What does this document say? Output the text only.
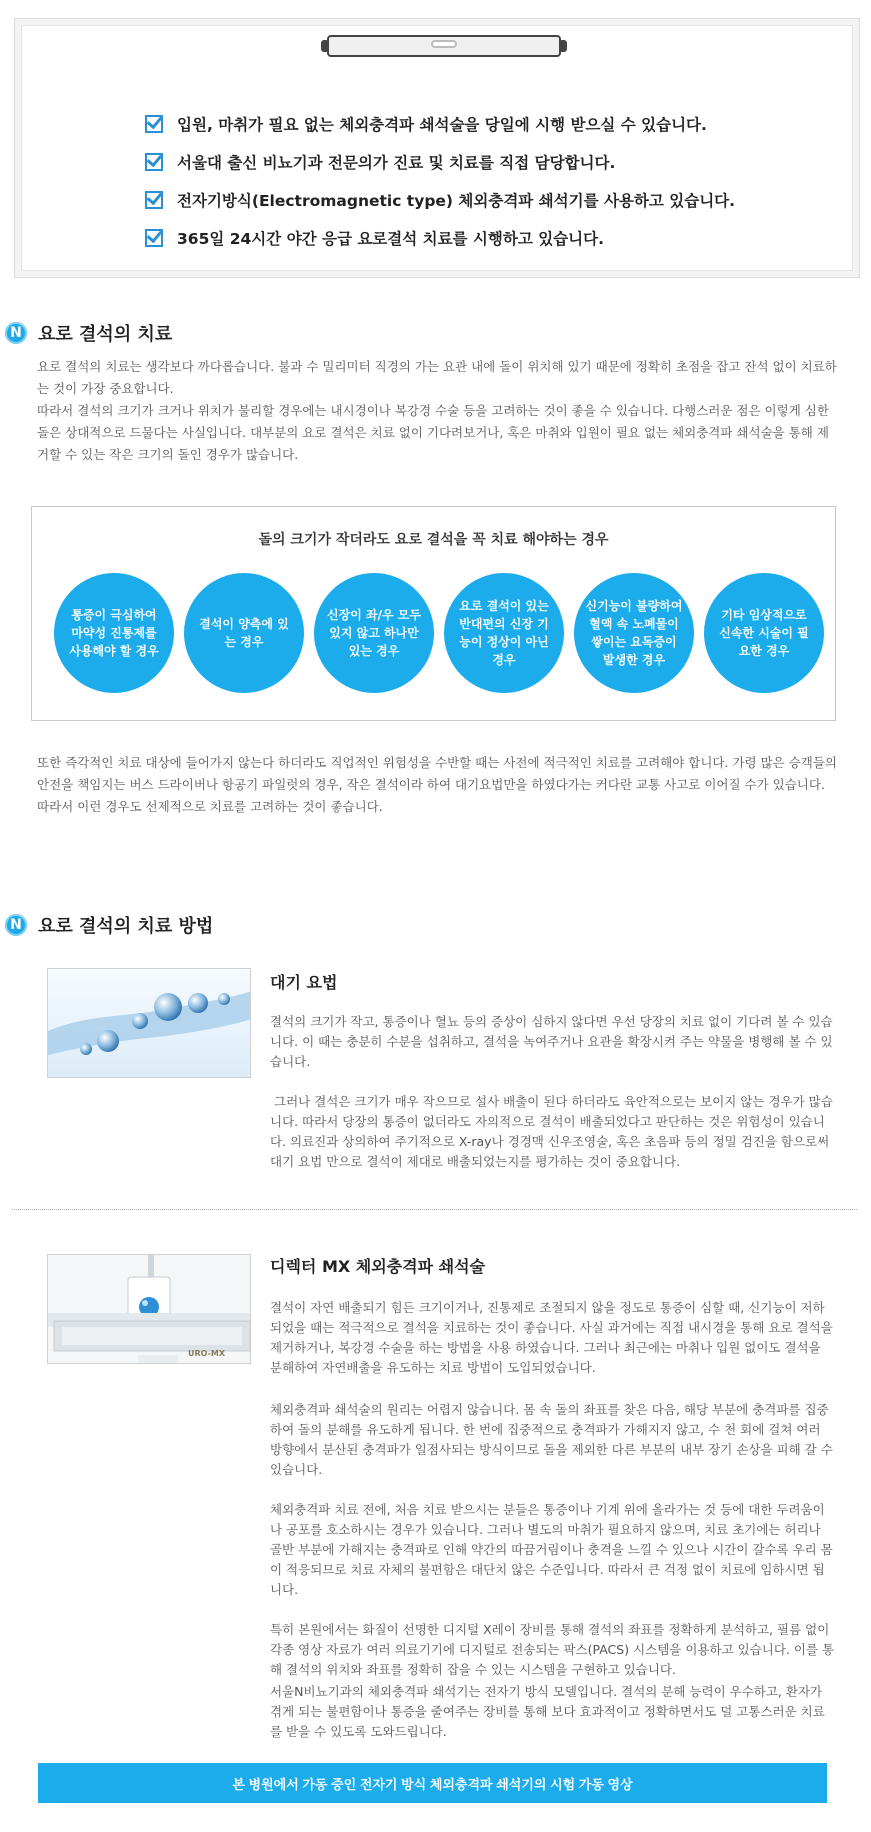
입원, 마취가 필요 없는 체외충격파 쇄석술을 당일에 시행 받으실 수 있습니다.
서울대 출신 비뇨기과 전문의가 진료 및 치료를 직접 담당합니다.
전자기방식(Electromagnetic type) 체외충격파 쇄석기를 사용하고 있습니다.
365일 24시간 야간 응급 요로결석 치료를 시행하고 있습니다.
N 요로 결석의 치료

요로 결석의 치료는 생각보다 까다롭습니다. 불과 수 밀리미터 직경의 가는 요관 내에 돌이 위치해 있기 때문에 정확히 초점을 잡고 잔석 없이 치료하는 것이 가장 중요합니다.

따라서 결석의 크기가 크거나 위치가 불리할 경우에는 내시경이나 복강경 수술 등을 고려하는 것이 좋을 수 있습니다. 다행스러운 점은 이렇게 심한 돌은 상대적으로 드물다는 사실입니다. 대부분의 요로 결석은 치료 없이 기다려보거나, 혹은 마취와 입원이 필요 없는 체외충격파 쇄석술을 통해 제거할 수 있는 작은 크기의 돌인 경우가 많습니다.

돌의 크기가 작더라도 요로 결석을 꼭 치료 해야하는 경우
통증이 극심하여 마약성 진통제를 사용해야 할 경우
결석이 양측에 있는 경우
신장이 좌/우 모두 있지 않고 하나만 있는 경우
요로 결석이 있는 반대편의 신장 기능이 정상이 아닌 경우
신기능이 불량하여 혈액 속 노폐물이 쌓이는 요독증이 발생한 경우
기타 임상적으로 신속한 시술이 필요한 경우

또한 즉각적인 치료 대상에 들어가지 않는다 하더라도 직업적인 위험성을 수반할 때는 사전에 적극적인 치료를 고려해야 합니다. 가령 많은 승객들의 안전을 책임지는 버스 드라이버나 항공기 파일럿의 경우, 작은 결석이라 하여 대기요법만을 하였다가는 커다란 교통 사고로 이어질 수가 있습니다. 따라서 이런 경우도 선제적으로 치료를 고려하는 것이 좋습니다.

N 요로 결석의 치료 방법
대기 요법

결석의 크기가 작고, 통증이나 혈뇨 등의 증상이 심하지 않다면 우선 당장의 치료 없이 기다려 볼 수 있습니다. 이 때는 충분히 수분을 섭취하고, 결석을 녹여주거나 요관을 확장시켜 주는 약물을 병행해 볼 수 있습니다.

그러나 결석은 크기가 매우 작으므로 설사 배출이 된다 하더라도 육안적으로는 보이지 않는 경우가 많습니다. 따라서 당장의 통증이 없더라도 자의적으로 결석이 배출되었다고 판단하는 것은 위험성이 있습니다. 의료진과 상의하여 주기적으로 X-ray나 경경맥 신우조영술, 혹은 초음파 등의 정밀 검진을 함으로써 대기 요법 만으로 결석이 제대로 배출되었는지를 평가하는 것이 중요합니다.

URO-MX
디렉터 MX 체외충격파 쇄석술

결석이 자연 배출되기 힘든 크기이거나, 진통제로 조절되지 않을 정도로 통증이 심할 때, 신기능이 저하되었을 때는 적극적으로 결석을 치료하는 것이 좋습니다. 사실 과거에는 직접 내시경을 통해 요로 결석을 제거하거나, 복강경 수술을 하는 방법을 사용 하였습니다. 그러나 최근에는 마취나 입원 없이도 결석을 분해하여 자연배출을 유도하는 치료 방법이 도입되었습니다.

체외충격파 쇄석술의 원리는 어렵지 않습니다. 몸 속 돌의 좌표를 찾은 다음, 해당 부분에 충격파를 집중하여 돌의 분해를 유도하게 됩니다. 한 번에 집중적으로 충격파가 가해지지 않고, 수 천 회에 걸쳐 여러 방향에서 분산된 충격파가 일점사되는 방식이므로 돌을 제외한 다른 부분의 내부 장기 손상을 피해 갈 수 있습니다.

체외충격파 치료 전에, 처음 치료 받으시는 분들은 통증이나 기계 위에 올라가는 것 등에 대한 두려움이나 공포를 호소하시는 경우가 있습니다. 그러나 별도의 마취가 필요하지 않으며, 치료 초기에는 허리나 골반 부분에 가해지는 충격파로 인해 약간의 따끔거림이나 충격을 느낄 수 있으나 시간이 갈수록 우리 몸이 적응되므로 치료 자체의 불편함은 대단치 않은 수준입니다. 따라서 큰 걱정 없이 치료에 임하시면 됩니다.

특히 본원에서는 화질이 선명한 디지털 X레이 장비를 통해 결석의 좌표를 정확하게 분석하고, 필름 없이 각종 영상 자료가 여러 의료기기에 디지털로 전송되는 팍스(PACS) 시스템을 이용하고 있습니다. 이를 통해 결석의 위치와 좌표를 정확히 잡을 수 있는 시스템을 구현하고 있습니다.

서울N비뇨기과의 체외충격파 쇄석기는 전자기 방식 모델입니다. 결석의 분해 능력이 우수하고, 환자가 겪게 되는 불편함이나 통증을 줄여주는 장비를 통해 보다 효과적이고 정확하면서도 덜 고통스러운 치료를 받을 수 있도록 도와드립니다.

본 병원에서 가동 중인 전자기 방식 체외충격파 쇄석기의 시험 가동 영상
